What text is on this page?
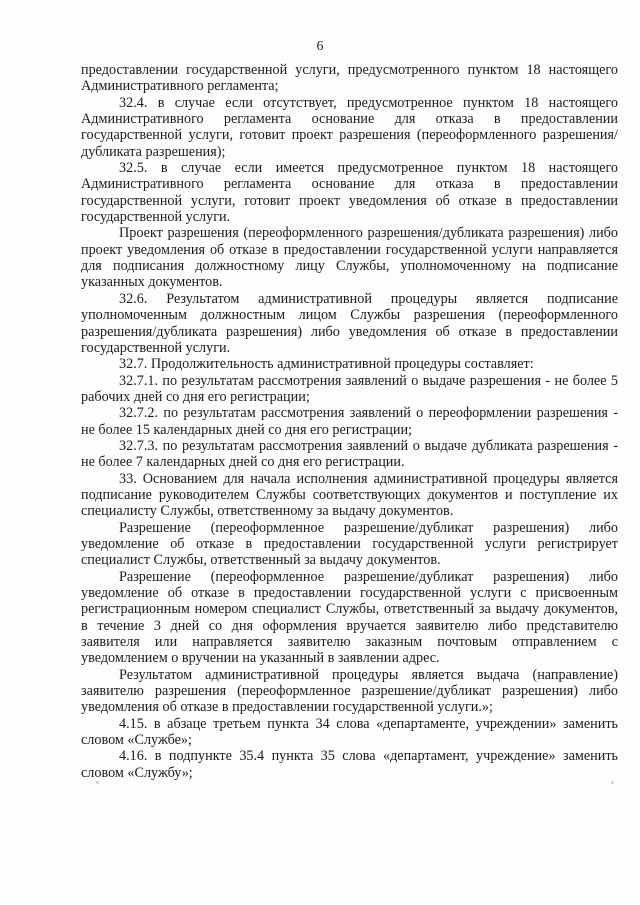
6

предоставлении государственной услуги, предусмотренного пунктом 18 настоящего Административного регламента;

32.4. в случае если отсутствует, предусмотренное пунктом 18 настоящего Административного регламента основание для отказа в предоставлении государственной услуги, готовит проект разрешения (переоформленного разрешения/дубликата разрешения);

32.5. в случае если имеется предусмотренное пунктом 18 настоящего Административного регламента основание для отказа в предоставлении государственной услуги, готовит проект уведомления об отказе в предоставлении государственной услуги.

Проект разрешения (переоформленного разрешения/дубликата разрешения) либо проект уведомления об отказе в предоставлении государственной услуги направляется для подписания должностному лицу Службы, уполномоченному на подписание указанных документов.

32.6. Результатом административной процедуры является подписание уполномоченным должностным лицом Службы разрешения (переоформленного разрешения/дубликата разрешения) либо уведомления об отказе в предоставлении государственной услуги.

32.7. Продолжительность административной процедуры составляет:

32.7.1. по результатам рассмотрения заявлений о выдаче разрешения - не более 5 рабочих дней со дня его регистрации;

32.7.2. по результатам рассмотрения заявлений о переоформлении разрешения - не более 15 календарных дней со дня его регистрации;

32.7.3. по результатам рассмотрения заявлений о выдаче дубликата разрешения - не более 7 календарных дней со дня его регистрации.

33. Основанием для начала исполнения административной процедуры является подписание руководителем Службы соответствующих документов и поступление их специалисту Службы, ответственному за выдачу документов.

Разрешение (переоформленное разрешение/дубликат разрешения) либо уведомление об отказе в предоставлении государственной услуги регистрирует специалист Службы, ответственный за выдачу документов.

Разрешение (переоформленное разрешение/дубликат разрешения) либо уведомление об отказе в предоставлении государственной услуги с присвоенным регистрационным номером специалист Службы, ответственный за выдачу документов, в течение 3 дней со дня оформления вручается заявителю либо представителю заявителя или направляется заявителю заказным почтовым отправлением с уведомлением о вручении на указанный в заявлении адрес.

Результатом административной процедуры является выдача (направление) заявителю разрешения (переоформленное разрешение/дубликат разрешения) либо уведомления об отказе в предоставлении государственной услуги.»;

4.15. в абзаце третьем пункта 34 слова «департаменте, учреждении» заменить словом «Службе»;

4.16. в подпункте 35.4 пункта 35 слова «департамент, учреждение» заменить словом «Службу»;
